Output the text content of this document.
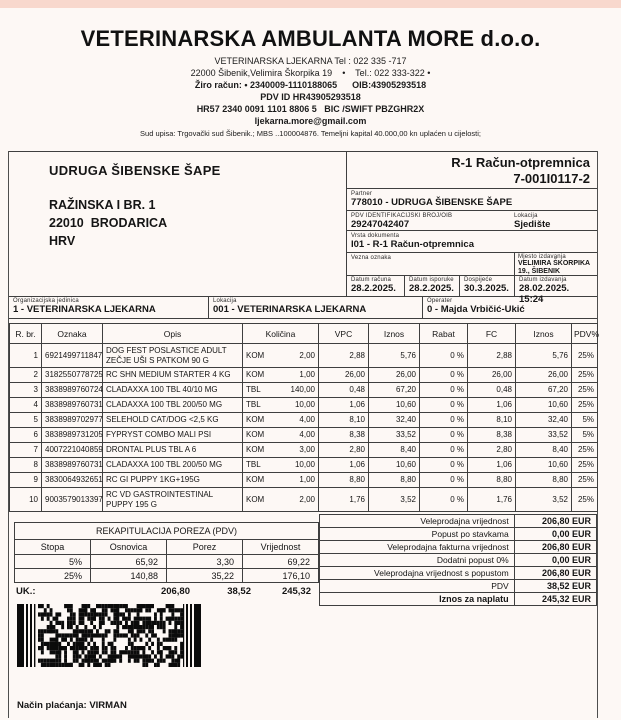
VETERINARSKA AMBULANTA MORE d.o.o.
VETERINARSKA LJEKARNA Tel : 022 335 -717
22000 Šibenik,Velimira Škorpika 19    •    Tel.: 022 333-322 •
Žiro račun: • 2340009-1110188065      OIB:43905293518
PDV ID HR43905293518
HR57 2340 0091 1101 8806 5   BIC /SWIFT PBZGHR2X
ljekarna.more@gmail.com
Sud upisa: Trgovački sud Šibenik.; MBS ..100004876. Temeljni kapital 40.000,00 kn uplaćen u cijelosti;
UDRUGA ŠIBENSKE ŠAPE
RAŽINSKA I BR. 1
22010  BRODARICA
HRV
R-1 Račun-otpremnica
7-001I0117-2
Partner
778010 - UDRUGA ŠIBENSKE ŠAPE
PDV IDENTIFIKACIJSKI BROJ/OIB
29247042407
Lokacija
Sjedište
Vrsta dokumenta
I01 - R-1 Račun-otpremnica
Vezna oznaka	Mjesto izdavanja
VELIMIRA ŠKORPIKA 19., ŠIBENIK
Datum računa
28.2.2025.
Datum isporuke
28.2.2025.
Dospijeće
30.3.2025.
Datum izdavanja
28.02.2025. 15:24
Organizacijska jedinica
1 - VETERINARSKA LJEKARNA
Lokacija
001 - VETERINARSKA LJEKARNA
Operater
0 - Majda Vrbičić-Ukić
R. br.	Oznaka	Opis	Količina		VPC	Iznos	Rabat	FC	Iznos	PDV%
1	6921499711847	DOG FEST POSLASTICE ADULT ZEČJE UŠI S PATKOM 90 G	KOM	2,00	2,88	5,76	0 %	2,88	5,76	25%
2	3182550778725	RC SHN MEDIUM STARTER 4 KG	KOM	1,00	26,00	26,00	0 %	26,00	26,00	25%
3	3838989760724	CLADAXXA 100 TBL 40/10 MG	TBL	140,00	0,48	67,20	0 %	0,48	67,20	25%
4	3838989760731	CLADAXXA 100 TBL 200/50 MG	TBL	10,00	1,06	10,60	0 %	1,06	10,60	25%
5	3838989702977	SELEHOLD CAT/DOG <2,5 KG	KOM	4,00	8,10	32,40	0 %	8,10	32,40	5%
6	3838989731205	FYPRYST COMBO MALI PSI	KOM	4,00	8,38	33,52	0 %	8,38	33,52	5%
7	4007221040859	DRONTAL PLUS TBL A 6	KOM	3,00	2,80	8,40	0 %	2,80	8,40	25%
8	3838989760731	CLADAXXA 100 TBL 200/50 MG	TBL	10,00	1,06	10,60	0 %	1,06	10,60	25%
9	3830064932651	RC GI PUPPY 1KG+195G	KOM	1,00	8,80	8,80	0 %	8,80	8,80	25%
10	9003579013397	RC VD GASTROINTESTINAL PUPPY 195 G	KOM	2,00	1,76	3,52	0 %	1,76	3,52	25%
REKAPITULACIJA POREZA (PDV)			
Stopa	Osnovica	Porez	Vrijednost
5%	65,92	3,30	69,22
25%	140,88	35,22	176,10
UK.:	206,80	38,52	245,32
Način plaćanja: VIRMAN
Veleprodajna vrijednost	206,80 EUR
Popust po stavkama	0,00 EUR
Veleprodajna fakturna vrijednost	206,80 EUR
Dodatni popust 0%	0,00 EUR
Veleprodajna vrijednost s popustom	206,80 EUR
PDV	38,52 EUR
Iznos za naplatu	245,32 EUR
